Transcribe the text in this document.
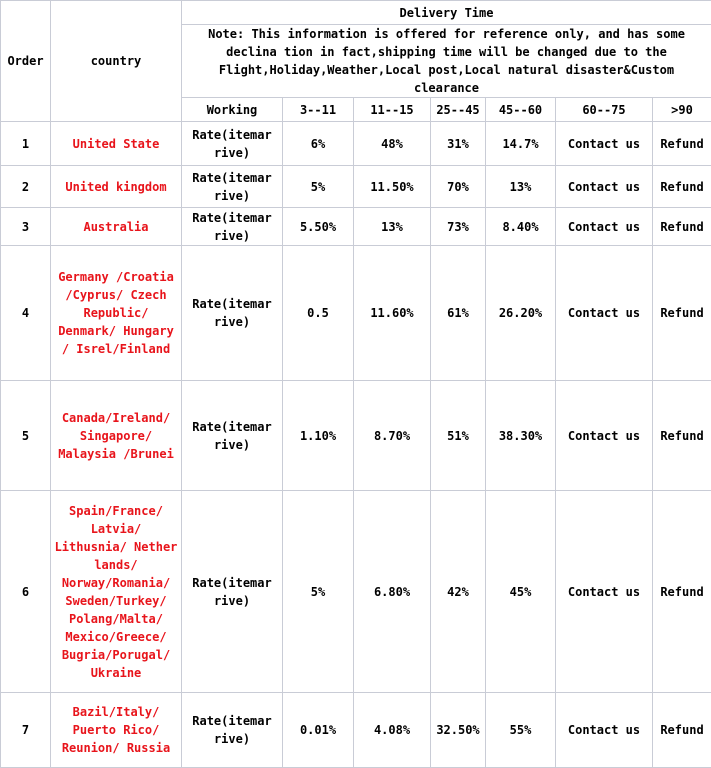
Order	country	Delivery Time						
		Note: This information is offered for reference only, and has some declina tion in fact,shipping time will be changed due to the Flight,Holiday,Weather,Local post,Local natural disaster&Custom clearance						
		Working	3--11	11--15	25--45	45--60	60--75	>90
1	United State	Rate(itemar rive)	6%	48%	31%	14.7%	Contact us	Refund
2	United kingdom	Rate(itemar rive)	5%	11.50%	70%	13%	Contact us	Refund
3	Australia	Rate(itemar rive)	5.50%	13%	73%	8.40%	Contact us	Refund
4	Germany /Croatia /Cyprus/ Czech Republic/ Denmark/ Hungary / Isrel/Finland	Rate(itemar rive)	0.5	11.60%	61%	26.20%	Contact us	Refund
5	Canada/Ireland/ Singapore/ Malaysia /Brunei	Rate(itemar rive)	1.10%	8.70%	51%	38.30%	Contact us	Refund
6	Spain/France/ Latvia/ Lithusnia/ Nether lands/ Norway/Romania/ Sweden/Turkey/ Polang/Malta/ Mexico/Greece/ Bugria/Porugal/ Ukraine	Rate(itemar rive)	5%	6.80%	42%	45%	Contact us	Refund
7	Bazil/Italy/ Puerto Rico/ Reunion/ Russia	Rate(itemar rive)	0.01%	4.08%	32.50%	55%	Contact us	Refund
